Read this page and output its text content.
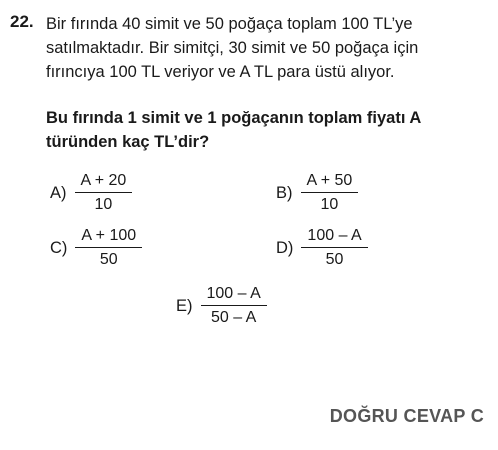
22. Bir fırında 40 simit ve 50 poğaça toplam 100 TL’ye
satılmaktadır. Bir simitçi, 30 simit ve 50 poğaça için
fırıncıya 100 TL veriyor ve A TL para üstü alıyor.
Bu fırında 1 simit ve 1 poğaçanın toplam fiyatı A
türünden kaç TL’dir?
$A) \frac{A + 20}{10}$	$B) \frac{A + 50}{10}$
$C) \frac{A + 100}{50}$	$D) \frac{100 - A}{50}$
$E) \frac{100 - A}{50 - A}$
DOĞRU CEVAP C
